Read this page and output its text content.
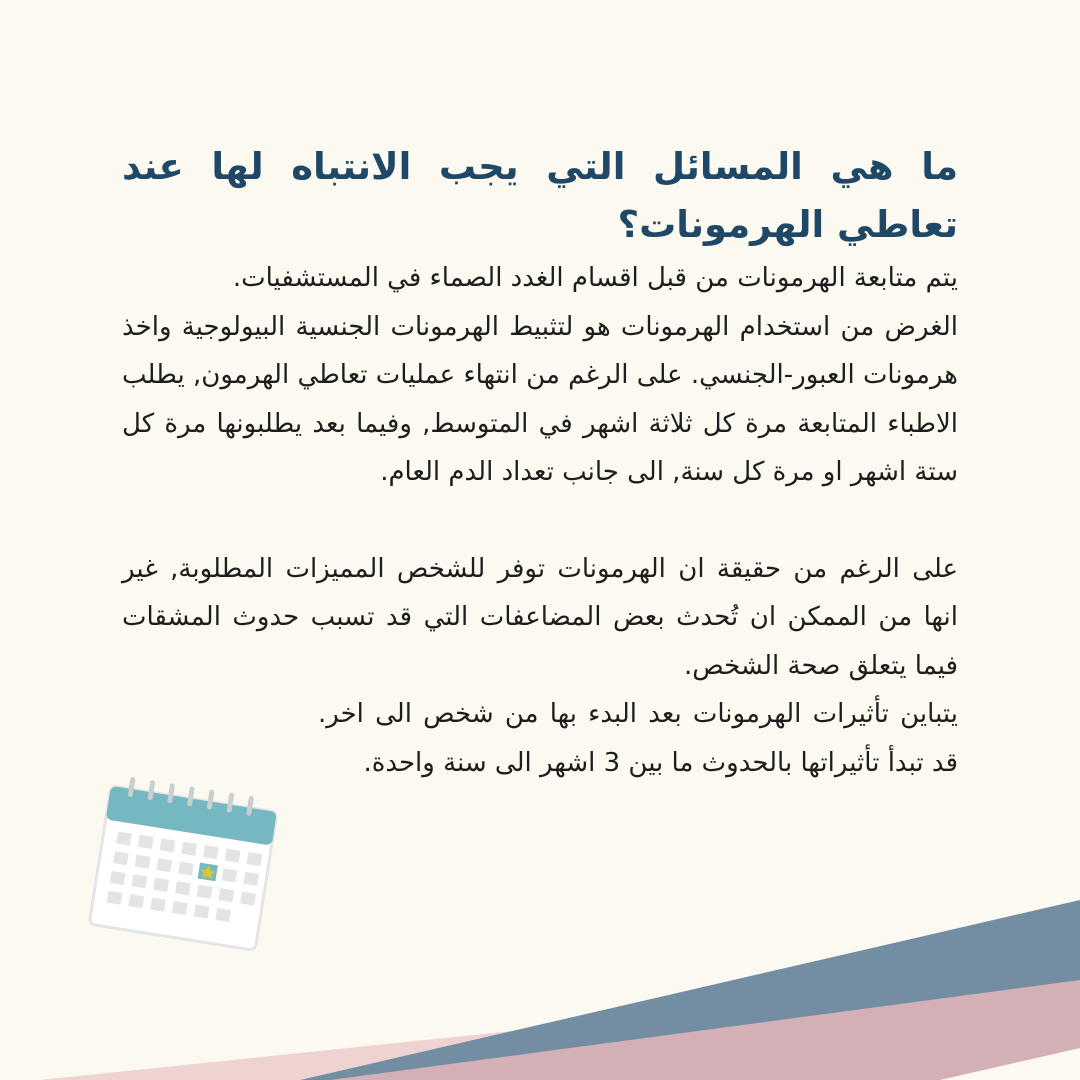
ما هي المسائل التي يجب الانتباه لها عند تعاطي الهرمونات؟

يتم متابعة الهرمونات من قبل اقسام الغدد الصماء في المستشفيات.

الغرض من استخدام الهرمونات هو لتثبيط الهرمونات الجنسية البيولوجية واخذ هرمونات العبور-الجنسي. على الرغم من انتهاء عمليات تعاطي الهرمون, يطلب الاطباء المتابعة مرة كل ثلاثة اشهر في المتوسط, وفيما بعد يطلبونها مرة كل ستة اشهر او مرة كل سنة, الى جانب تعداد الدم العام.

على الرغم من حقيقة ان الهرمونات توفر للشخص المميزات المطلوبة, غير انها من الممكن ان تُحدث بعض المضاعفات التي قد تسبب حدوث المشقات فيما يتعلق صحة الشخص.

يتباين تأثيرات الهرمونات بعد البدء بها من شخص الى اخر. قد تبدأ تأثيراتها بالحدوث ما بين 3 اشهر الى سنة واحدة.
